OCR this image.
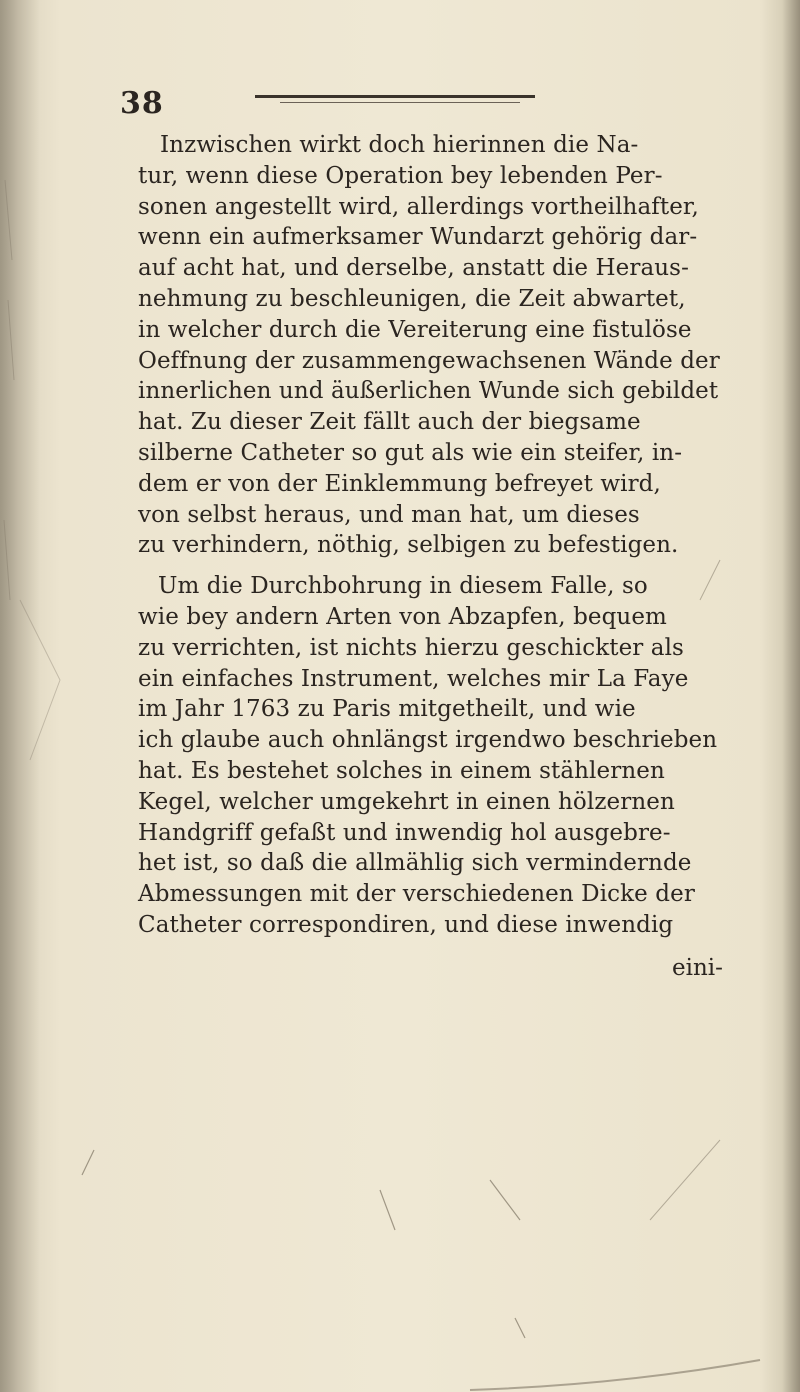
38
Inzwischen wirkt doch hierinnen die Na-
tur, wenn diese Operation bey lebenden Per-
sonen angestellt wird, allerdings vortheilhafter,
wenn ein aufmerksamer Wundarzt gehörig dar-
auf acht hat, und derselbe, anstatt die Heraus-
nehmung zu beschleunigen, die Zeit abwartet,
in welcher durch die Vereiterung eine fistulöse
Oeffnung der zusammengewachsenen Wände der
innerlichen und äußerlichen Wunde sich gebildet
hat. Zu dieser Zeit fällt auch der biegsame
silberne Catheter so gut als wie ein steifer, in-
dem er von der Einklemmung befreyet wird,
von selbst heraus, und man hat, um dieses
zu verhindern, nöthig, selbigen zu befestigen.
Um die Durchbohrung in diesem Falle, so
wie bey andern Arten von Abzapfen, bequem
zu verrichten, ist nichts hierzu geschickter als
ein einfaches Instrument, welches mir La Faye
im Jahr 1763 zu Paris mitgetheilt, und wie
ich glaube auch ohnlängst irgendwo beschrieben
hat. Es bestehet solches in einem stählernen
Kegel, welcher umgekehrt in einen hölzernen
Handgriff gefaßt und inwendig hol ausgebre-
het ist, so daß die allmählig sich vermindernde
Abmessungen mit der verschiedenen Dicke der
Catheter correspondiren, und diese inwendig
eini-
